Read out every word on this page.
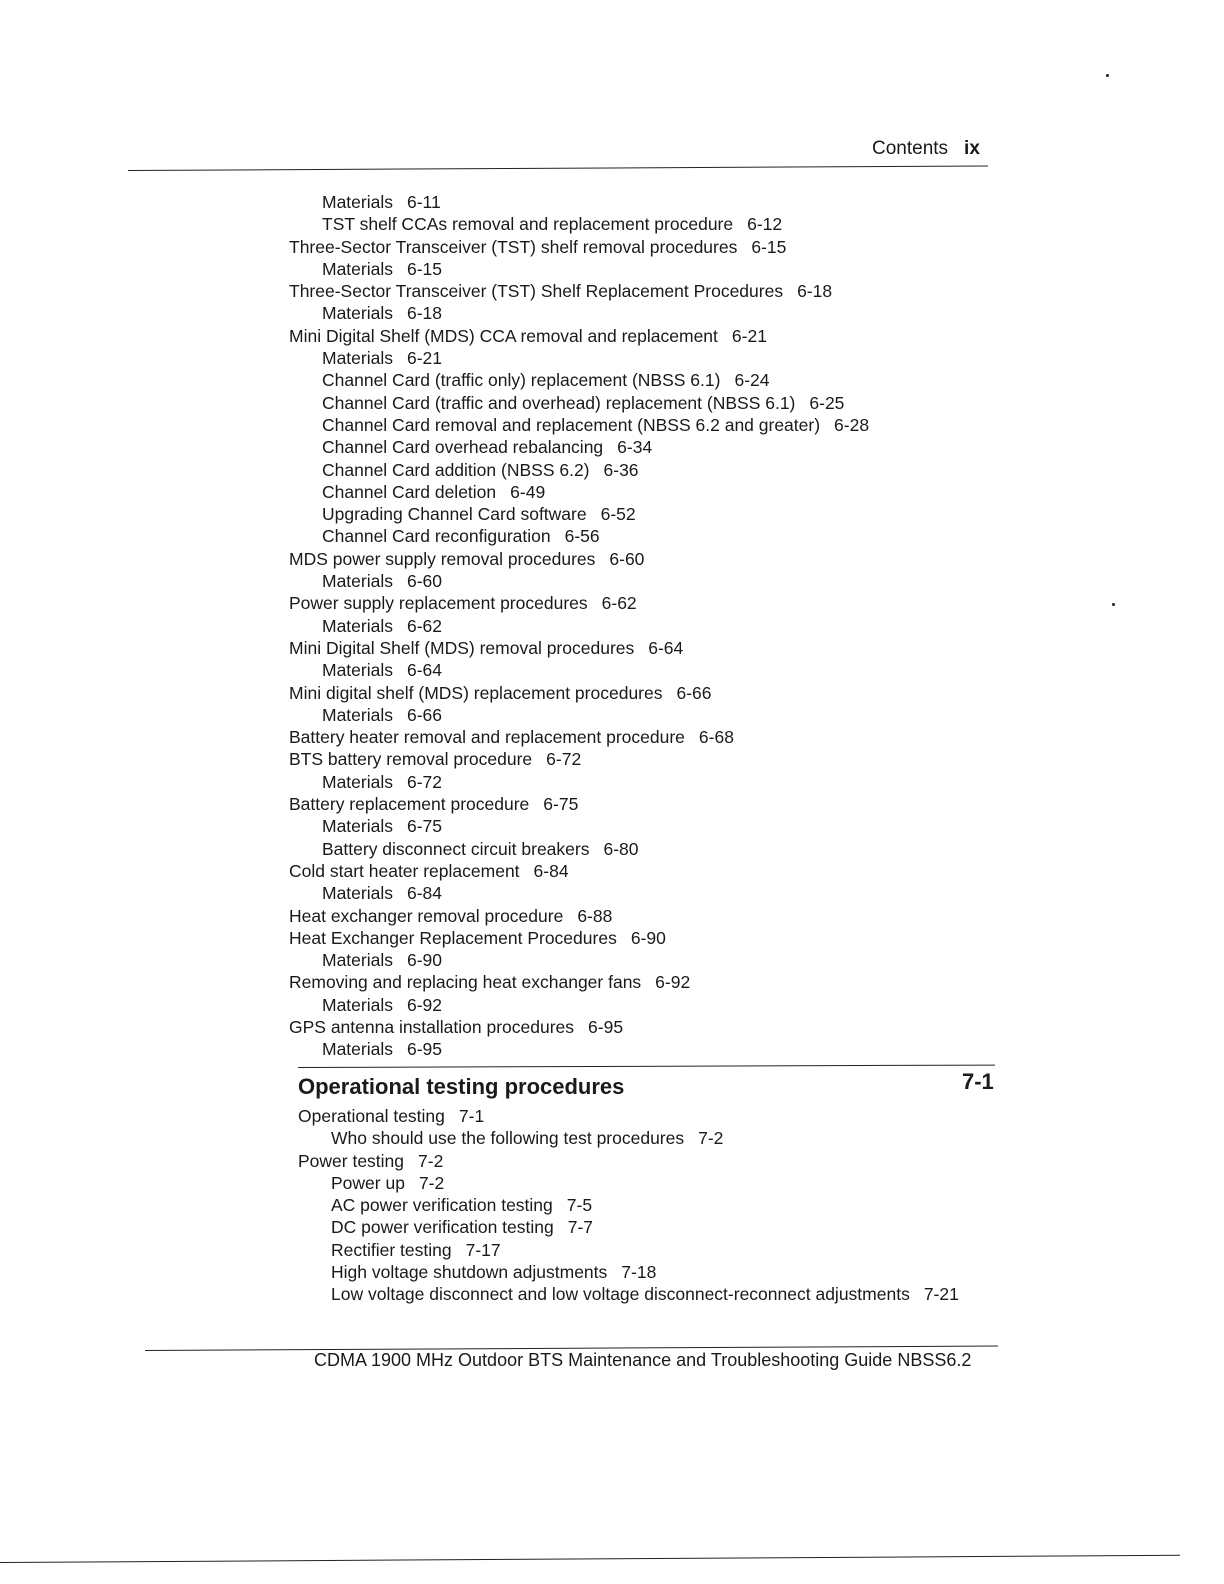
Contents ix
Materials 6-11
TST shelf CCAs removal and replacement procedure 6-12
Three-Sector Transceiver (TST) shelf removal procedures 6-15
Materials 6-15
Three-Sector Transceiver (TST) Shelf Replacement Procedures 6-18
Materials 6-18
Mini Digital Shelf (MDS) CCA removal and replacement 6-21
Materials 6-21
Channel Card (traffic only) replacement (NBSS 6.1) 6-24
Channel Card (traffic and overhead) replacement (NBSS 6.1) 6-25
Channel Card removal and replacement (NBSS 6.2 and greater) 6-28
Channel Card overhead rebalancing 6-34
Channel Card addition (NBSS 6.2) 6-36
Channel Card deletion 6-49
Upgrading Channel Card software 6-52
Channel Card reconfiguration 6-56
MDS power supply removal procedures 6-60
Materials 6-60
Power supply replacement procedures 6-62
Materials 6-62
Mini Digital Shelf (MDS) removal procedures 6-64
Materials 6-64
Mini digital shelf (MDS) replacement procedures 6-66
Materials 6-66
Battery heater removal and replacement procedure 6-68
BTS battery removal procedure 6-72
Materials 6-72
Battery replacement procedure 6-75
Materials 6-75
Battery disconnect circuit breakers 6-80
Cold start heater replacement 6-84
Materials 6-84
Heat exchanger removal procedure 6-88
Heat Exchanger Replacement Procedures 6-90
Materials 6-90
Removing and replacing heat exchanger fans 6-92
Materials 6-92
GPS antenna installation procedures 6-95
Materials 6-95
Operational testing procedures	7-1
Operational testing 7-1
Who should use the following test procedures 7-2
Power testing 7-2
Power up 7-2
AC power verification testing 7-5
DC power verification testing 7-7
Rectifier testing 7-17
High voltage shutdown adjustments 7-18
Low voltage disconnect and low voltage disconnect-reconnect adjustments 7-21
CDMA 1900 MHz Outdoor BTS Maintenance and Troubleshooting Guide NBSS6.2
